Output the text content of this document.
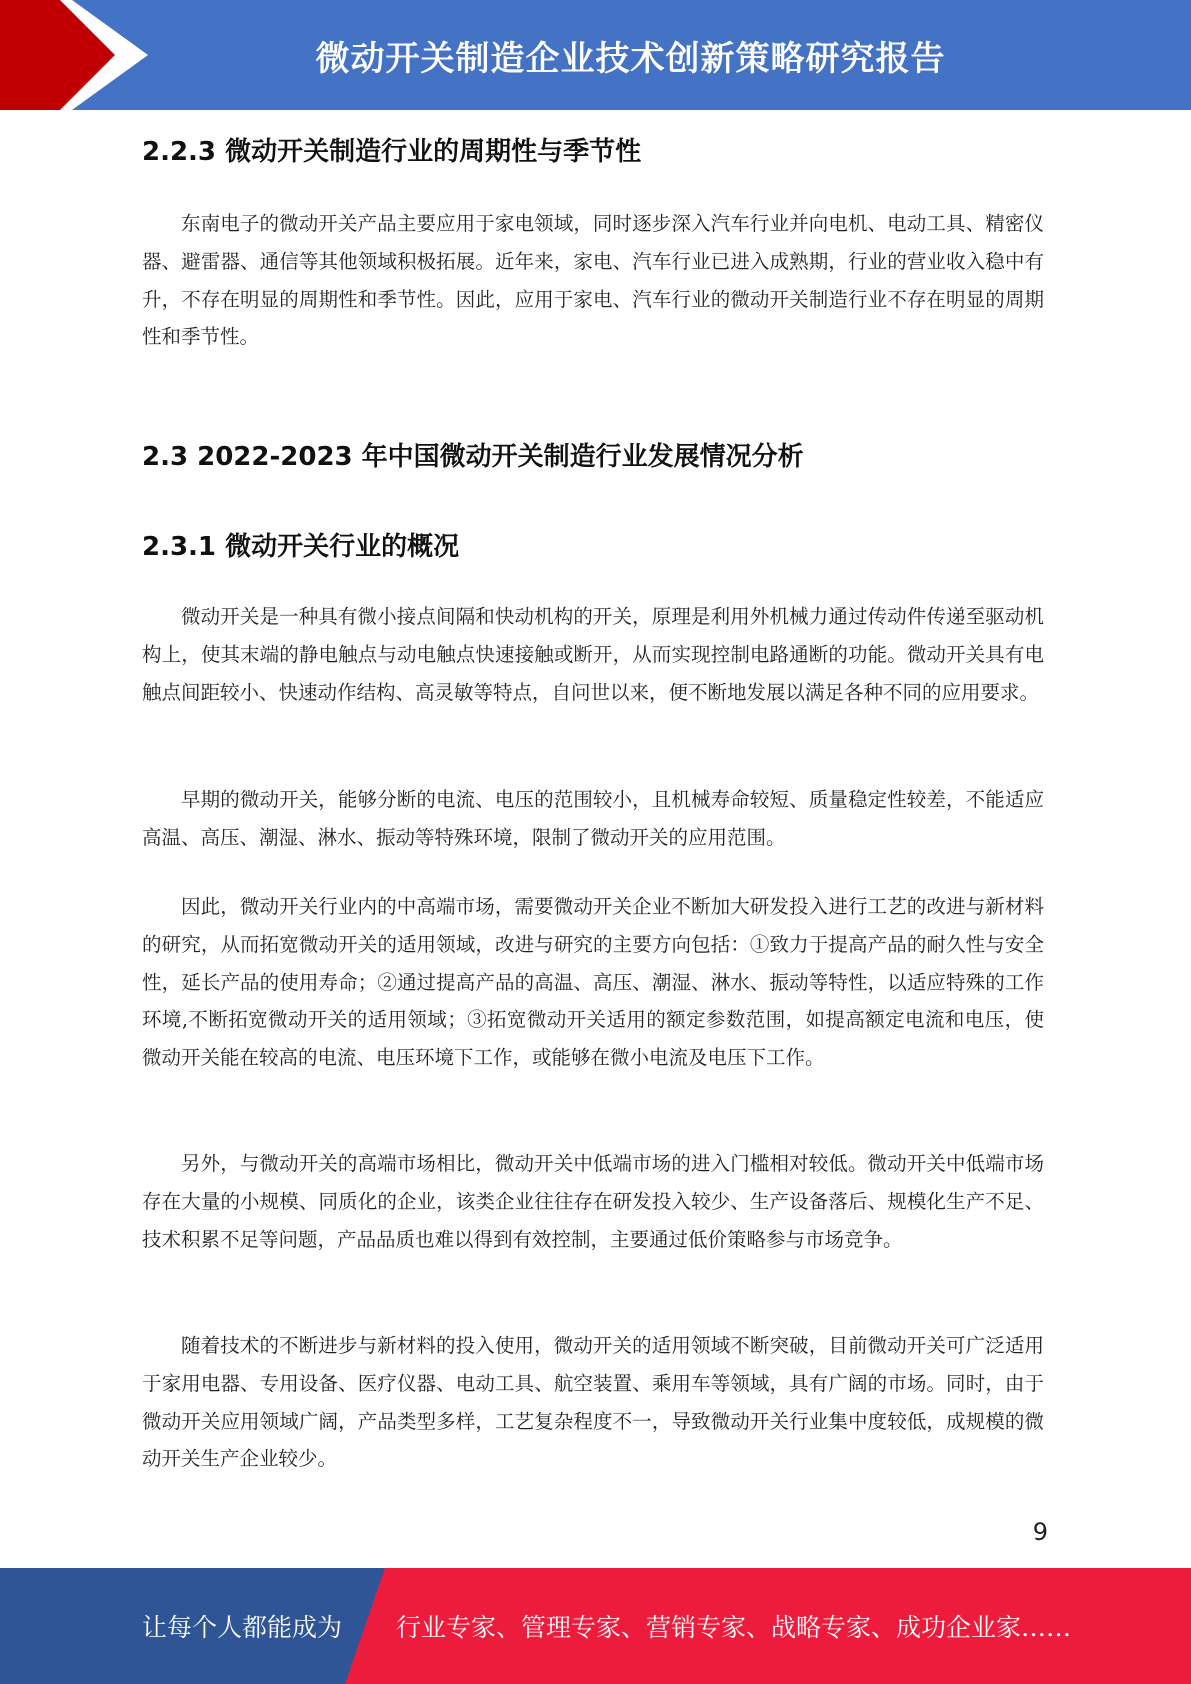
微动开关制造企业技术创新策略研究报告
2.2.3 微动开关制造行业的周期性与季节性
东南电子的微动开关产品主要应用于家电领域，同时逐步深入汽车行业并向电机、电动工具、精密仪器、避雷器、通信等其他领域积极拓展。近年来，家电、汽车行业已进入成熟期，行业的营业收入稳中有升，不存在明显的周期性和季节性。因此，应用于家电、汽车行业的微动开关制造行业不存在明显的周期性和季节性。
2.3 2022-2023 年中国微动开关制造行业发展情况分析
2.3.1 微动开关行业的概况
微动开关是一种具有微小接点间隔和快动机构的开关，原理是利用外机械力通过传动件传递至驱动机构上，使其末端的静电触点与动电触点快速接触或断开，从而实现控制电路通断的功能。微动开关具有电触点间距较小、快速动作结构、高灵敏等特点，自问世以来，便不断地发展以满足各种不同的应用要求。
早期的微动开关，能够分断的电流、电压的范围较小，且机械寿命较短、质量稳定性较差，不能适应高温、高压、潮湿、淋水、振动等特殊环境，限制了微动开关的应用范围。
因此，微动开关行业内的中高端市场，需要微动开关企业不断加大研发投入进行工艺的改进与新材料的研究，从而拓宽微动开关的适用领域，改进与研究的主要方向包括：①致力于提高产品的耐久性与安全性，延长产品的使用寿命；②通过提高产品的高温、高压、潮湿、淋水、振动等特性，以适应特殊的工作环境,不断拓宽微动开关的适用领域；③拓宽微动开关适用的额定参数范围，如提高额定电流和电压，使微动开关能在较高的电流、电压环境下工作，或能够在微小电流及电压下工作。
另外，与微动开关的高端市场相比，微动开关中低端市场的进入门槛相对较低。微动开关中低端市场存在大量的小规模、同质化的企业，该类企业往往存在研发投入较少、生产设备落后、规模化生产不足、技术积累不足等问题，产品品质也难以得到有效控制，主要通过低价策略参与市场竞争。
随着技术的不断进步与新材料的投入使用，微动开关的适用领域不断突破，目前微动开关可广泛适用于家用电器、专用设备、医疗仪器、电动工具、航空装置、乘用车等领域，具有广阔的市场。同时，由于微动开关应用领域广阔，产品类型多样，工艺复杂程度不一，导致微动开关行业集中度较低，成规模的微动开关生产企业较少。
9
让每个人都能成为 行业专家、管理专家、营销专家、战略专家、成功企业家……
